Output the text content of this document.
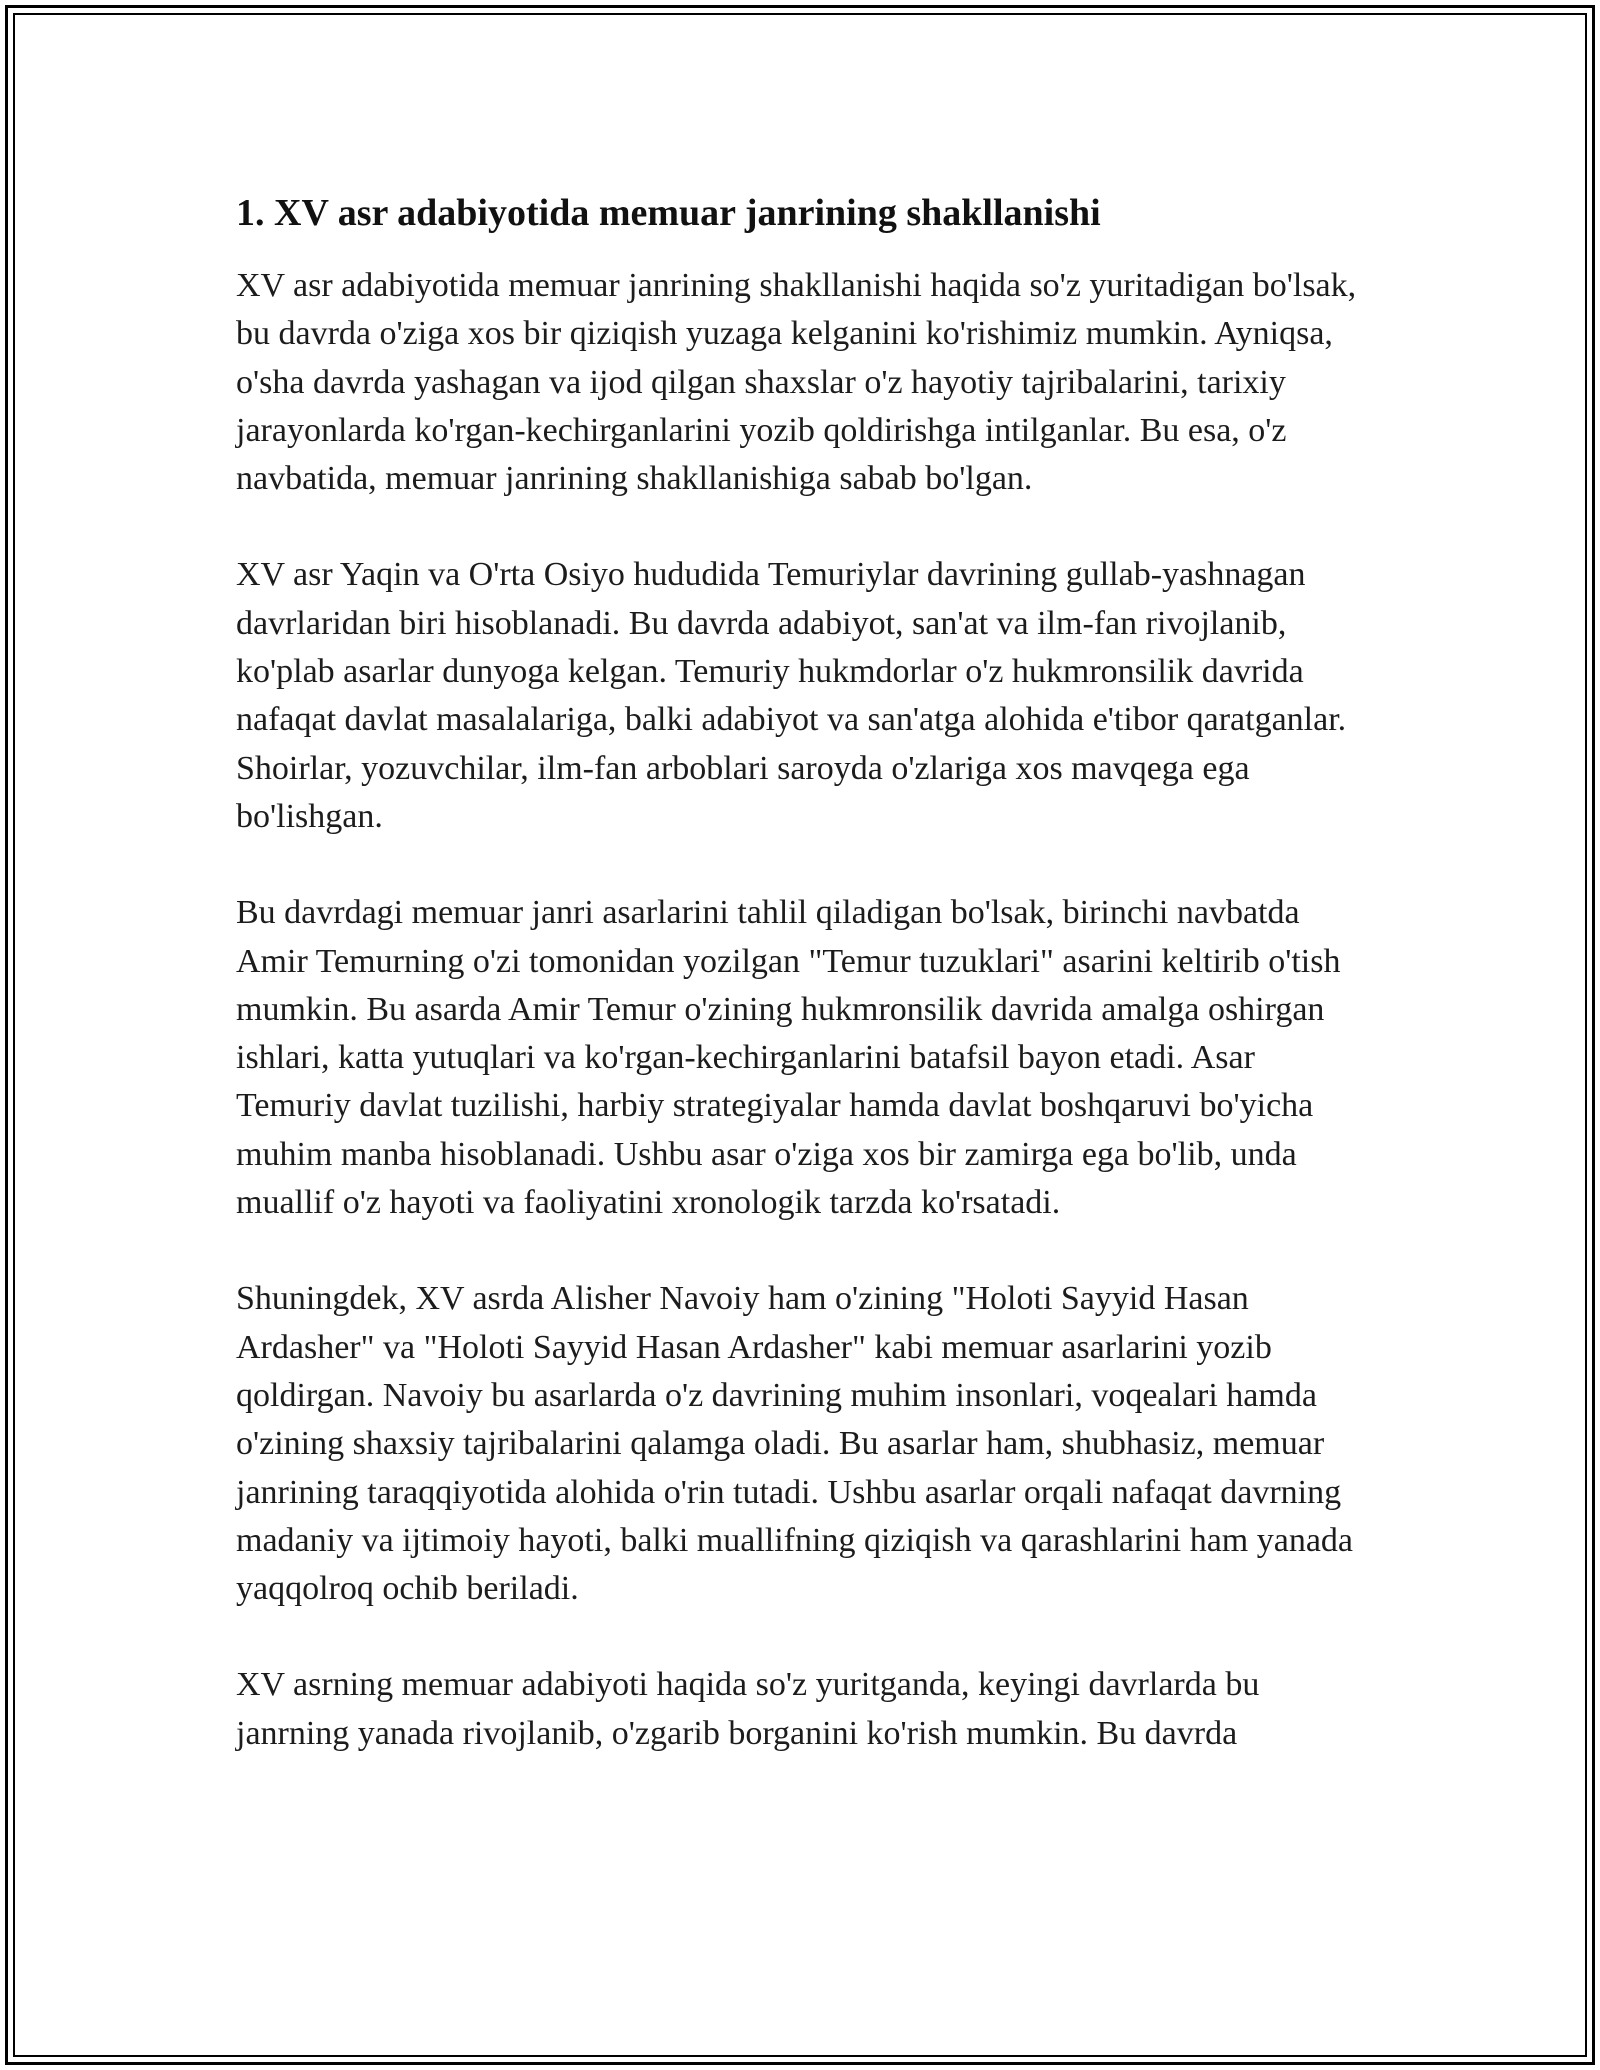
1. XV asr adabiyotida memuar janrining shakllanishi

XV asr adabiyotida memuar janrining shakllanishi haqida so'z yuritadigan bo'lsak, bu davrda o'ziga xos bir qiziqish yuzaga kelganini ko'rishimiz mumkin. Ayniqsa, o'sha davrda yashagan va ijod qilgan shaxslar o'z hayotiy tajribalarini, tarixiy jarayonlarda ko'rgan-kechirganlarini yozib qoldirishga intilganlar. Bu esa, o'z navbatida, memuar janrining shakllanishiga sabab bo'lgan.

XV asr Yaqin va O'rta Osiyo hududida Temuriylar davrining gullab-yashnagan davrlaridan biri hisoblanadi. Bu davrda adabiyot, san'at va ilm-fan rivojlanib, ko'plab asarlar dunyoga kelgan. Temuriy hukmdorlar o'z hukmronsilik davrida nafaqat davlat masalalariga, balki adabiyot va san'atga alohida e'tibor qaratganlar. Shoirlar, yozuvchilar, ilm-fan arboblari saroyda o'zlariga xos mavqega ega bo'lishgan.

Bu davrdagi memuar janri asarlarini tahlil qiladigan bo'lsak, birinchi navbatda Amir Temurning o'zi tomonidan yozilgan "Temur tuzuklari" asarini keltirib o'tish mumkin. Bu asarda Amir Temur o'zining hukmronsilik davrida amalga oshirgan ishlari, katta yutuqlari va ko'rgan-kechirganlarini batafsil bayon etadi. Asar Temuriy davlat tuzilishi, harbiy strategiyalar hamda davlat boshqaruvi bo'yicha muhim manba hisoblanadi. Ushbu asar o'ziga xos bir zamirga ega bo'lib, unda muallif o'z hayoti va faoliyatini xronologik tarzda ko'rsatadi.

Shuningdek, XV asrda Alisher Navoiy ham o'zining "Holoti Sayyid Hasan Ardasher" va "Holoti Sayyid Hasan Ardasher" kabi memuar asarlarini yozib qoldirgan. Navoiy bu asarlarda o'z davrining muhim insonlari, voqealari hamda o'zining shaxsiy tajribalarini qalamga oladi. Bu asarlar ham, shubhasiz, memuar janrining taraqqiyotida alohida o'rin tutadi. Ushbu asarlar orqali nafaqat davrning madaniy va ijtimoiy hayoti, balki muallifning qiziqish va qarashlarini ham yanada yaqqolroq ochib beriladi.

XV asrning memuar adabiyoti haqida so'z yuritganda, keyingi davrlarda bu janrning yanada rivojlanib, o'zgarib borganini ko'rish mumkin. Bu davrda
